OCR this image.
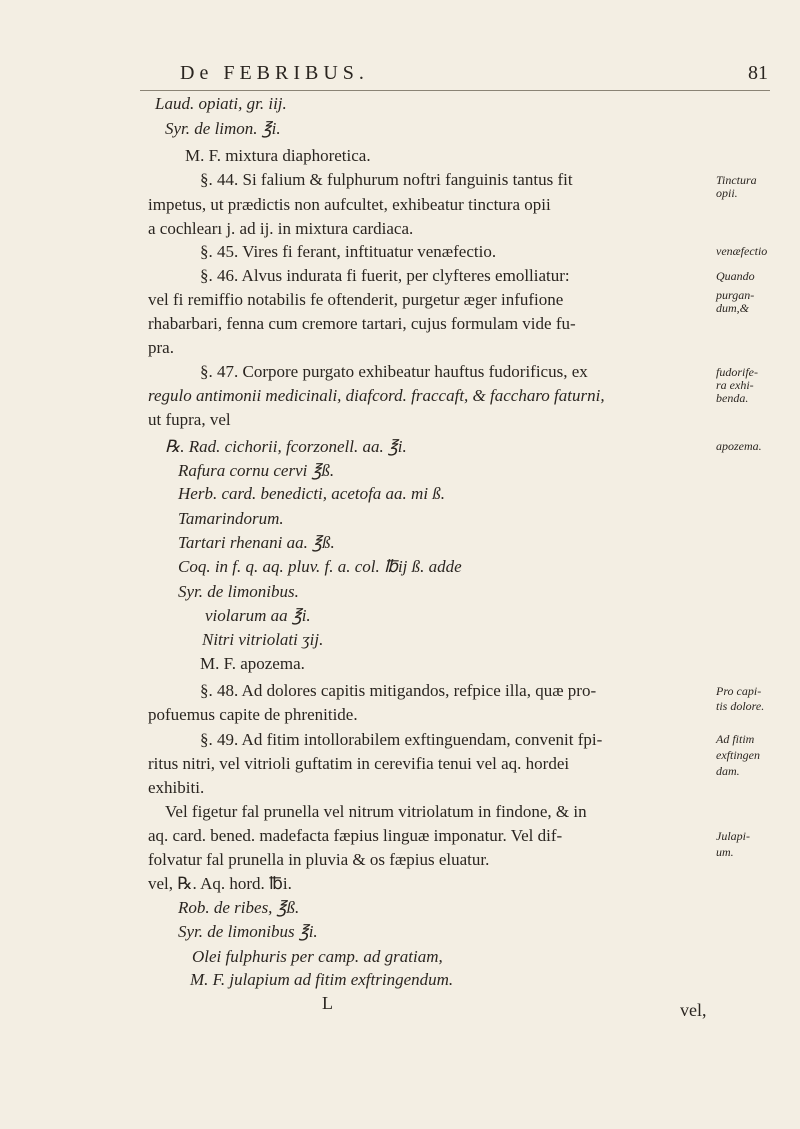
De FEBRIBUS.	81
Laud. opiati, gr. iij.
Syr. de limon. ℥i.
M. F. mixtura diaphoretica.
§. 44. Si falium & fulphurum noftri fanguinis tantus fit
impetus, ut prædictis non aufcultet, exhibeatur tinctura opii
a cochlearı j. ad ij. in mixtura cardiaca.
§. 45. Vires fi ferant, inftituatur venæfectio.
§. 46. Alvus indurata fi fuerit, per clyfteres emolliatur:
vel fi remiffio notabilis fe oftenderit, purgetur æger infufione
rhabarbari, fenna cum cremore tartari, cujus formulam vide fu-
pra.
§. 47. Corpore purgato exhibeatur hauftus fudorificus, ex
regulo antimonii medicinali, diafcord. fraccaft, & faccharo faturni,
ut fupra, vel
℞. Rad. cichorii, fcorzonell. aa. ℥i.
Rafura cornu cervi ℥ß.
Herb. card. benedicti, acetofa aa. mi ß.
Tamarindorum.
Tartari rhenani aa. ℥ß.
Coq. in f. q. aq. pluv. f. a. col. ℔ij ß. adde
Syr. de limonibus.
violarum aa ℥i.
Nitri vitriolati ʒij.
M. F. apozema.
§. 48. Ad dolores capitis mitigandos, refpice illa, quæ pro-
pofuemus capite de phrenitide.
§. 49. Ad fitim intollorabilem exftinguendam, convenit fpi-
ritus nitri, vel vitrioli guftatim in cerevifia tenui vel aq. hordei
exhibiti.
Vel figetur fal prunella vel nitrum vitriolatum in findone, & in
aq. card. bened. madefacta fæpius linguæ imponatur. Vel dif-
folvatur fal prunella in pluvia & os fæpius eluatur.
vel, ℞. Aq. hord. ℔i.
Rob. de ribes, ℥ß.
Syr. de limonibus ℥i.
Olei fulphuris per camp. ad gratiam,
M. F. julapium ad fitim exftringendum.
Tinctura
opii.
venæfectio
Quando
purgan-
dum,&
fudorife-
ra exhi-
benda.
apozema.
Pro capi-
tis dolore.
Ad fitim
exftingen
dam.
Julapi-
um.
L	vel,
